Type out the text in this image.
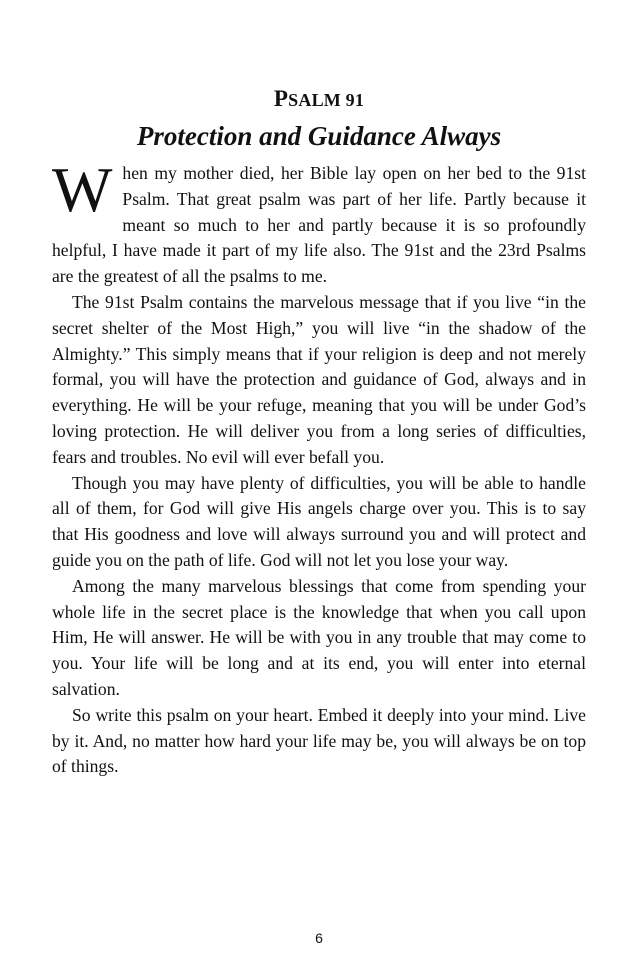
PSALM 91
Protection and Guidance Always

When my mother died, her Bible lay open on her bed to the 91st Psalm. That great psalm was part of her life. Partly because it meant so much to her and partly because it is so profoundly helpful, I have made it part of my life also. The 91st and the 23rd Psalms are the greatest of all the psalms to me.

The 91st Psalm contains the marvelous message that if you live “in the secret shelter of the Most High,” you will live “in the shadow of the Almighty.” This simply means that if your religion is deep and not merely formal, you will have the protection and guidance of God, always and in everything. He will be your refuge, meaning that you will be under God’s loving protection. He will deliver you from a long series of difficulties, fears and troubles. No evil will ever befall you.

Though you may have plenty of difficulties, you will be able to handle all of them, for God will give His angels charge over you. This is to say that His goodness and love will always surround you and will protect and guide you on the path of life. God will not let you lose your way.

Among the many marvelous blessings that come from spending your whole life in the secret place is the knowledge that when you call upon Him, He will answer. He will be with you in any trouble that may come to you. Your life will be long and at its end, you will enter into eternal salvation.

So write this psalm on your heart. Embed it deeply into your mind. Live by it. And, no matter how hard your life may be, you will always be on top of things.

6
